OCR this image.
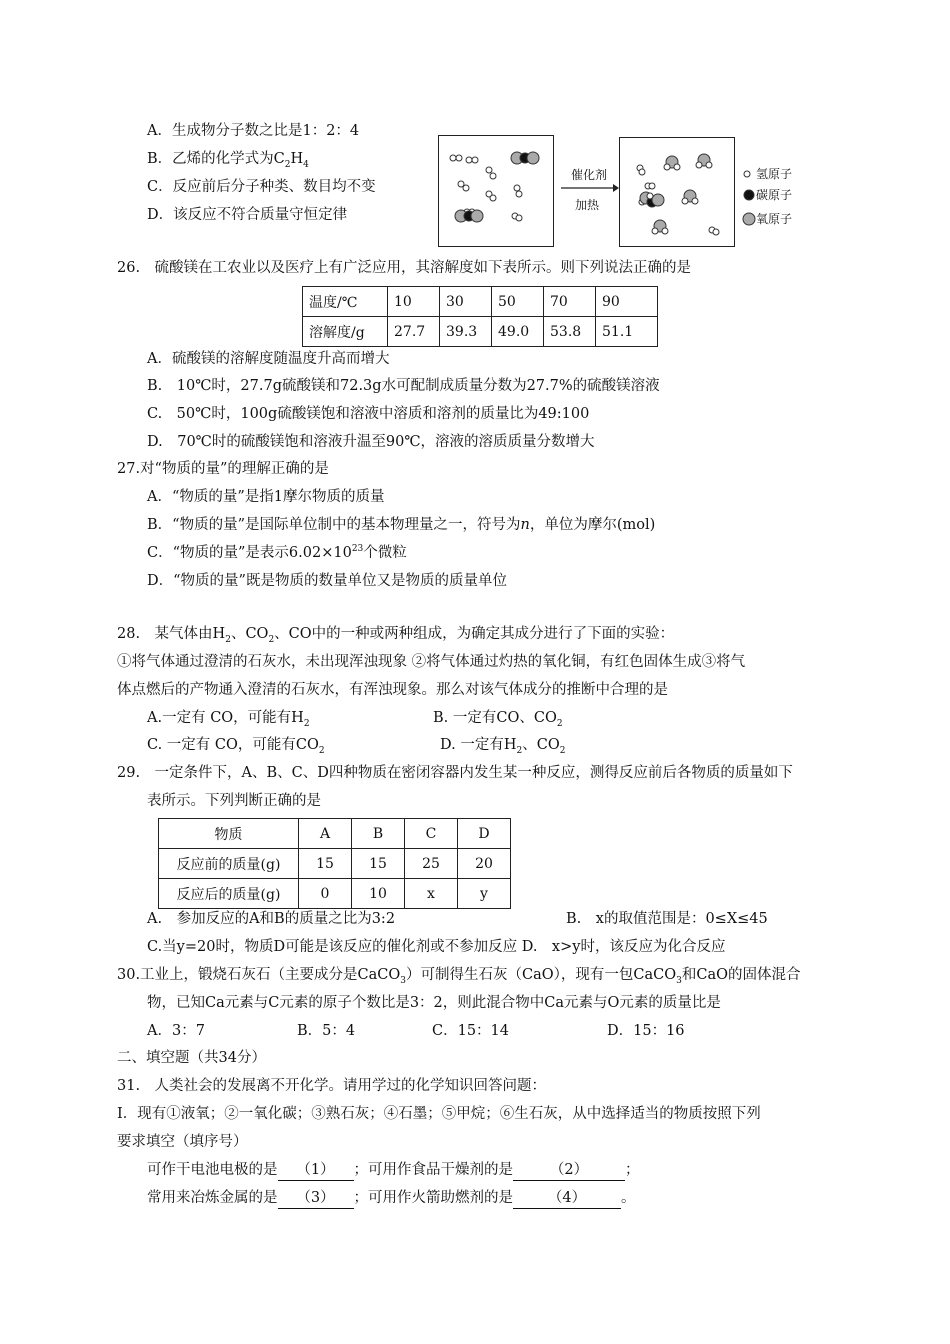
A．生成物分子数之比是1：2：4
B．乙烯的化学式为$C_2H_4$
C．反应前后分子种类、数目均不变
D．该反应不符合质量守恒定律
催化剂
加热
氢原子
碳原子
氧原子
26.　硫酸镁在工农业以及医疗上有广泛应用，其溶解度如下表所示。则下列说法正确的是
温度/℃	10	30	50	70	90
溶解度/g	27.7	39.3	49.0	53.8	51.1
A．硫酸镁的溶解度随温度升高而增大
B.　10℃时，27.7g硫酸镁和72.3g水可配制成质量分数为27.7%的硫酸镁溶液
C.　50℃时，100g硫酸镁饱和溶液中溶质和溶剂的质量比为49:100
D.　70℃时的硫酸镁饱和溶液升温至90℃，溶液的溶质质量分数增大
27.对“物质的量”的理解正确的是
A．“物质的量”是指1摩尔物质的质量
B．“物质的量”是国际单位制中的基本物理量之一，符号为n，单位为摩尔(mol)
C．“物质的量”是表示$6.02\times 10^{23}$个微粒
D．“物质的量”既是物质的数量单位又是物质的质量单位
28.　某气体由$H_2$、$CO_2$、CO中的一种或两种组成，为确定其成分进行了下面的实验：
①将气体通过澄清的石灰水，未出现浑浊现象 ②将气体通过灼热的氧化铜，有红色固体生成③将气
体点燃后的产物通入澄清的石灰水，有浑浊现象。那么对该气体成分的推断中合理的是
A.一定有 CO，可能有$H_2$	B. 一定有CO、$CO_2$
C. 一定有 CO，可能有$CO_2$	D. 一定有$H_2$、$CO_2$
29.　一定条件下，A、B、C、D四种物质在密闭容器内发生某一种反应，测得反应前后各物质的质量如下
表所示。下列判断正确的是
物质	A	B	C	D
反应前的质量(g)	15	15	25	20
反应后的质量(g)	0	10	x	y
A.　参加反应的A和B的质量之比为3:2	B.　x的取值范围是：0≤X≤45
C.当y=20时，物质D可能是该反应的催化剂或不参加反应 D.　x>y时，该反应为化合反应
30.工业上，锻烧石灰石（主要成分是CaCO$_3$）可制得生石灰（CaO），现有一包CaCO$_3$和CaO的固体混合
物，已知Ca元素与C元素的原子个数比是3：2，则此混合物中Ca元素与O元素的质量比是
A．3：7	B．5：4	C．15：14	D．15：16
二、填空题（共34分）
31.　人类社会的发展离不开化学。请用学过的化学知识回答问题：
Ⅰ．现有①液氧；②一氧化碳；③熟石灰；④石墨；⑤甲烷；⑥生石灰，从中选择适当的物质按照下列
要求填空（填序号）
可作干电池电极的是 （1） ；可用作食品干燥剂的是	（2）	；
常用来冶炼金属的是 （3） ；可用作火箭助燃剂的是 （4） 。
